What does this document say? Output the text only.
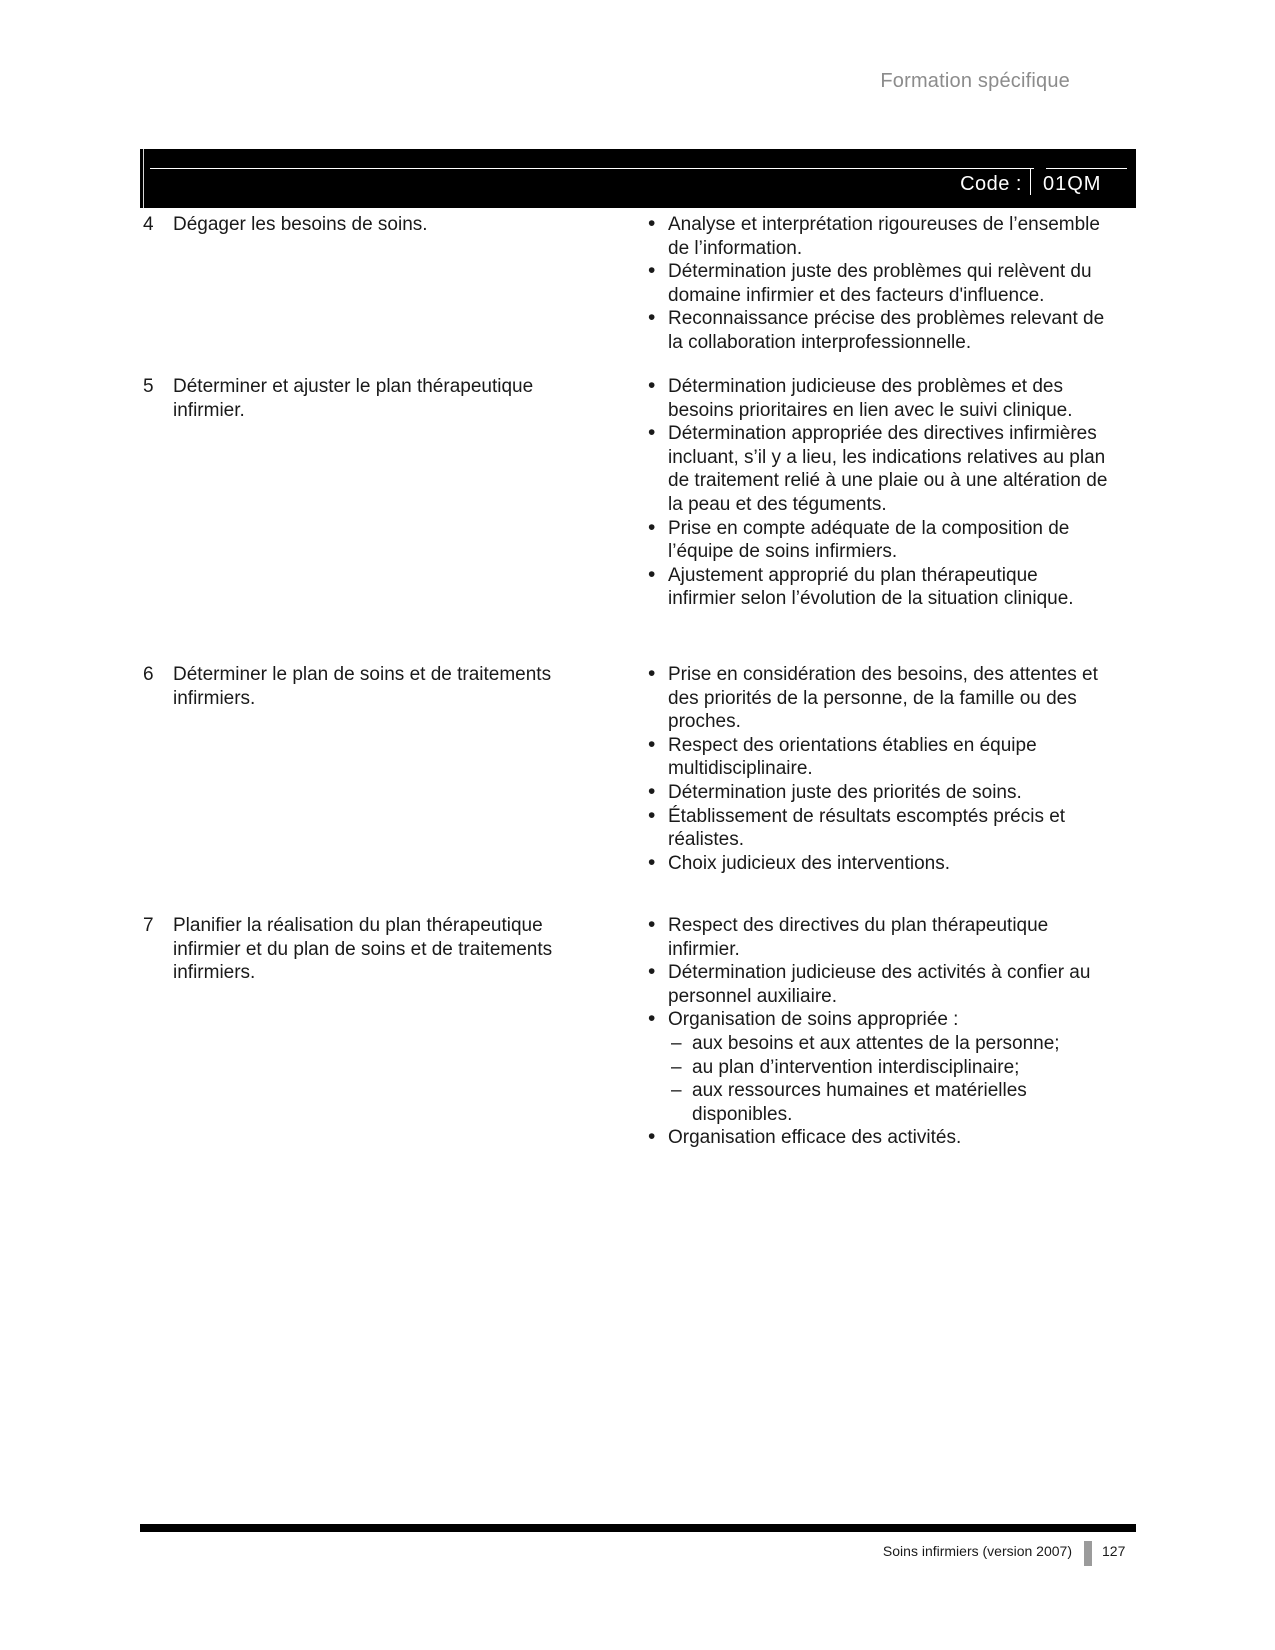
Formation spécifique
Code : 01QM
4	Dégager les besoins de soins.	• Analyse et interprétation rigoureuses de l’ensemble de l’information.
• Détermination juste des problèmes qui relèvent du domaine infirmier et des facteurs d'influence.
• Reconnaissance précise des problèmes relevant de la collaboration interprofessionnelle.
5	Déterminer et ajuster le plan thérapeutique infirmier.
• Détermination judicieuse des problèmes et des besoins prioritaires en lien avec le suivi clinique.
• Détermination appropriée des directives infirmières incluant, s’il y a lieu, les indications relatives au plan de traitement relié à une plaie ou à une altération de la peau et des téguments.
• Prise en compte adéquate de la composition de l’équipe de soins infirmiers.
• Ajustement approprié du plan thérapeutique infirmier selon l’évolution de la situation clinique.
6	Déterminer le plan de soins et de traitements infirmiers.
• Prise en considération des besoins, des attentes et des priorités de la personne, de la famille ou des proches.
• Respect des orientations établies en équipe multidisciplinaire.
• Détermination juste des priorités de soins.
• Établissement de résultats escomptés précis et réalistes.
• Choix judicieux des interventions.
7	Planifier la réalisation du plan thérapeutique infirmier et du plan de soins et de traitements infirmiers.
• Respect des directives du plan thérapeutique infirmier.
• Détermination judicieuse des activités à confier au personnel auxiliaire.
• Organisation de soins appropriée :
– aux besoins et aux attentes de la personne;
– au plan d’intervention interdisciplinaire;
– aux ressources humaines et matérielles disponibles.
• Organisation efficace des activités.
Soins infirmiers (version 2007) 127
